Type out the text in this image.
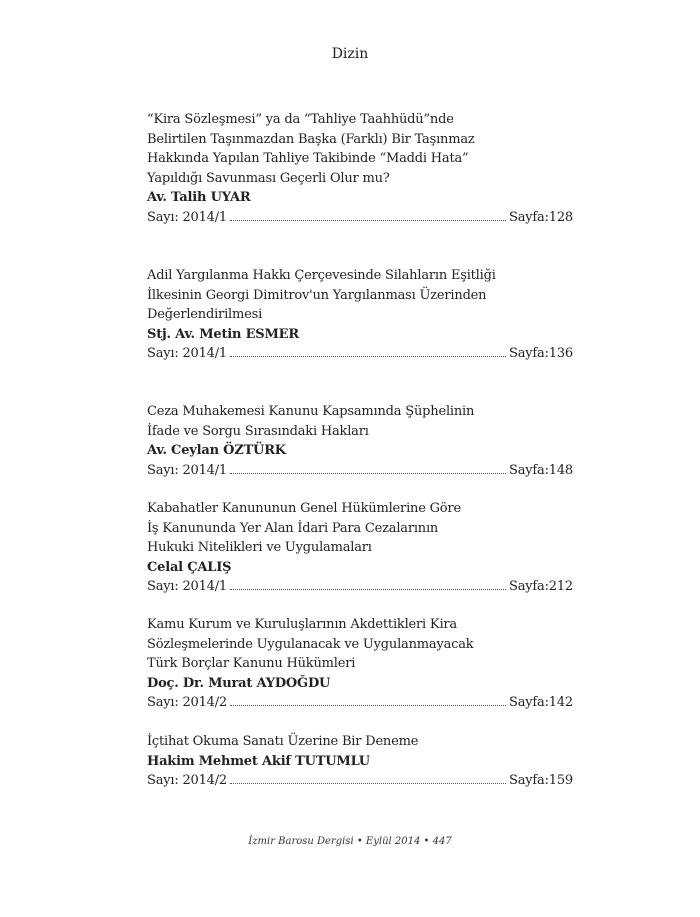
Dizin
“Kira Sözleşmesi” ya da “Tahliye Taahhüdü”nde
Belirtilen Taşınmazdan Başka (Farklı) Bir Taşınmaz
Hakkında Yapılan Tahliye Takibinde “Maddi Hata”
Yapıldığı Savunması Geçerli Olur mu?
Av. Talih UYAR
Sayı: 2014/1	Sayfa:128
Adil Yargılanma Hakkı Çerçevesinde Silahların Eşitliği
İlkesinin Georgi Dimitrov'un Yargılanması Üzerinden
Değerlendirilmesi
Stj. Av. Metin ESMER
Sayı: 2014/1	Sayfa:136
Ceza Muhakemesi Kanunu Kapsamında Şüphelinin
İfade ve Sorgu Sırasındaki Hakları
Av. Ceylan ÖZTÜRK
Sayı: 2014/1	Sayfa:148
Kabahatler Kanununun Genel Hükümlerine Göre
İş Kanununda Yer Alan İdari Para Cezalarının
Hukuki Nitelikleri ve Uygulamaları
Celal ÇALIŞ
Sayı: 2014/1	Sayfa:212
Kamu Kurum ve Kuruluşlarının Akdettikleri Kira
Sözleşmelerinde Uygulanacak ve Uygulanmayacak
Türk Borçlar Kanunu Hükümleri
Doç. Dr. Murat AYDOĞDU
Sayı: 2014/2	Sayfa:142
İçtihat Okuma Sanatı Üzerine Bir Deneme
Hakim Mehmet Akif TUTUMLU
Sayı: 2014/2	Sayfa:159
İzmir Barosu Dergisi • Eylül 2014 • 447
